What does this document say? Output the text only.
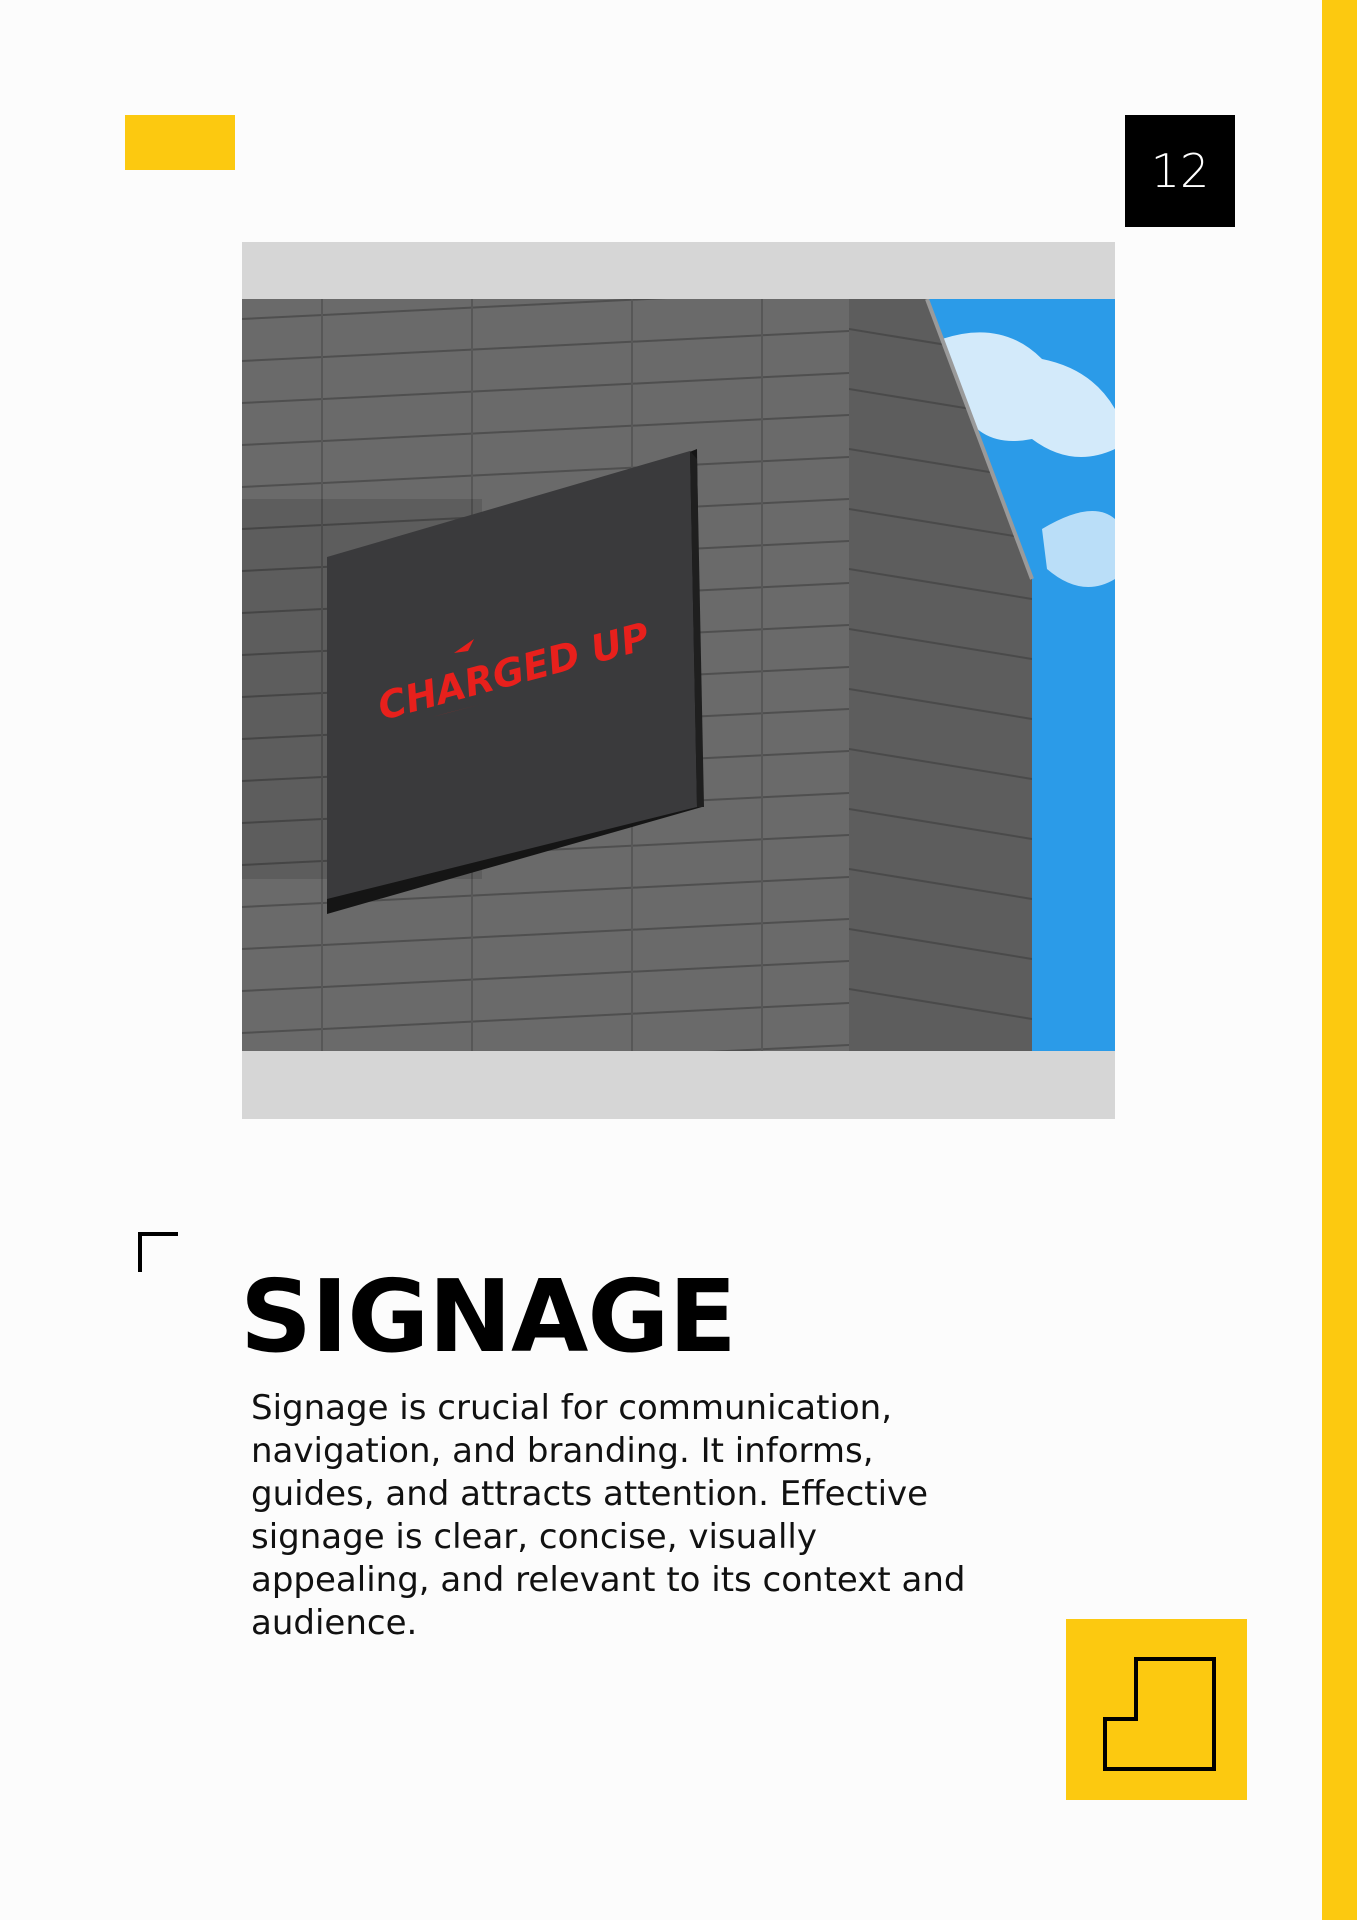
12
CHARGED UP
SIGNAGE

Signage is crucial for communication, navigation, and branding. It informs, guides, and attracts attention. Effective signage is clear, concise, visually appealing, and relevant to its context and audience.
